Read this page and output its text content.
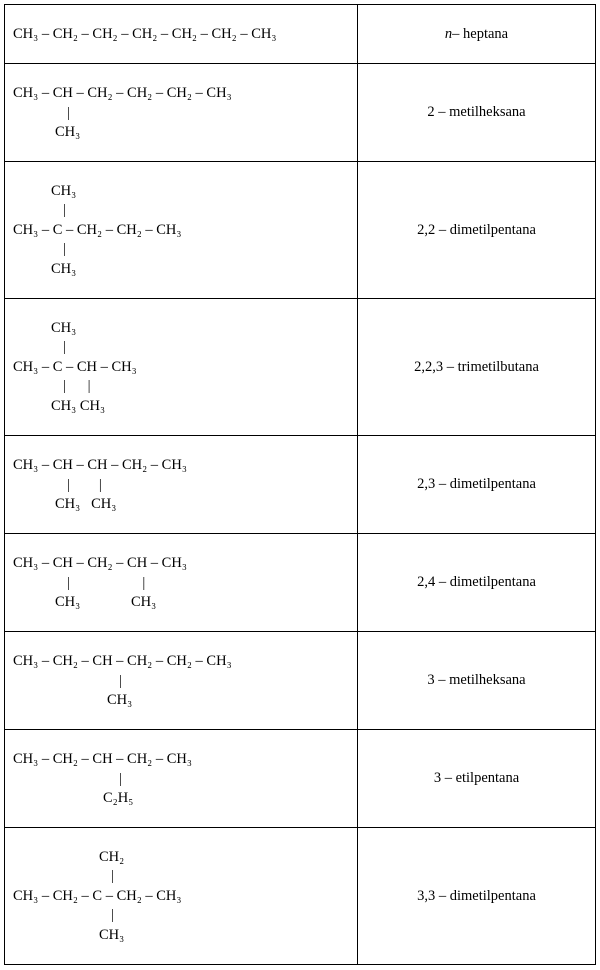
CH₃ – CH₂ – CH₂ – CH₂ – CH₂ – CH₂ – CH₃	n– heptana

CH₃ – CH – CH₂ – CH₂ – CH₂ – CH₃
|
CH₃	2 – metilheksana

CH₃
|
CH₃ – C – CH₂ – CH₂ – CH₃
|
CH₃	2,2 – dimetilpentana

CH₃
|
CH₃ – C – CH – CH₃
|      |
CH₃ CH₃	2,2,3 – trimetilbutana

CH₃ – CH – CH – CH₂ – CH₃
|        |
CH₃   CH₃	2,3 – dimetilpentana

CH₃ – CH – CH₂ – CH – CH₃
|                    |
CH₃              CH₃	2,4 – dimetilpentana

CH₃ – CH₂ – CH – CH₂ – CH₂ – CH₃
|
CH₃	3 – metilheksana

CH₃ – CH₂ – CH – CH₂ – CH₃
|
C₂H₅	3 – etilpentana

CH₂
|
CH₃ – CH₂ – C – CH₂ – CH₃
|
CH₃	3,3 – dimetilpentana
